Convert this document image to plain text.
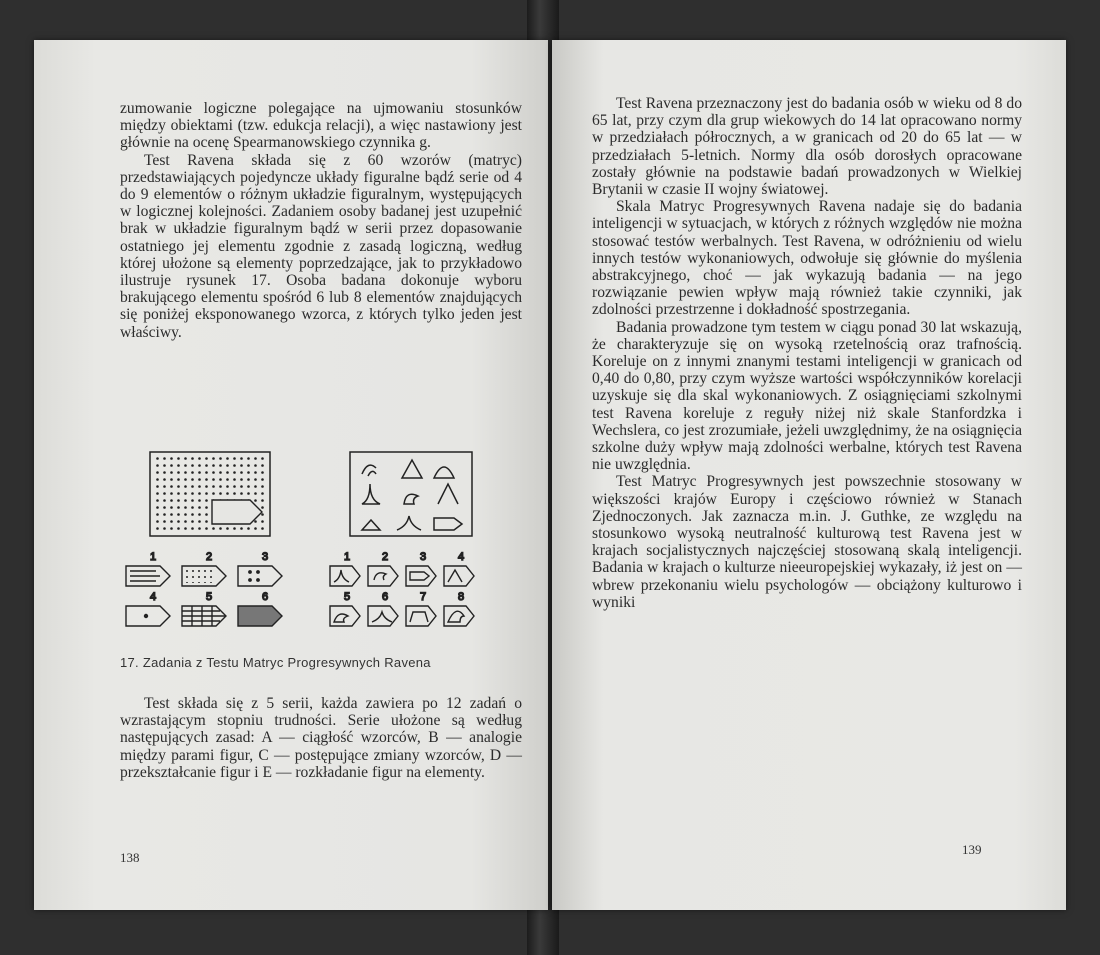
zumowanie logiczne polegające na ujmowaniu stosunków między obiektami (tzw. edukcja relacji), a więc nastawiony jest głównie na ocenę Spearmanowskiego czynnika g.

Test Ravena składa się z 60 wzorów (matryc) przedstawiających pojedyncze układy figuralne bądź serie od 4 do 9 elementów o różnym układzie figuralnym, występujących w logicznej kolejności. Zadaniem osoby badanej jest uzupełnić brak w układzie figuralnym bądź w serii przez dopasowanie ostatniego jej elementu zgodnie z zasadą logiczną, według której ułożone są elementy poprzedzające, jak to przykładowo ilustruje rysunek 17. Osoba badana dokonuje wyboru brakującego elementu spośród 6 lub 8 elementów znajdujących się poniżej eksponowanego wzorca, z których tylko jeden jest właściwy.

1	2	3
4	5	6
1	2	3	4
5	6	7	8
17. Zadania z Testu Matryc Progresywnych Ravena

Test składa się z 5 serii, każda zawiera po 12 zadań o wzrastającym stopniu trudności. Serie ułożone są według następujących zasad: A — ciągłość wzorców, B — analogie między parami figur, C — postępujące zmiany wzorców, D — przekształcanie figur i E — rozkładanie figur na elementy.

138

Test Ravena przeznaczony jest do badania osób w wieku od 8 do 65 lat, przy czym dla grup wiekowych do 14 lat opracowano normy w przedziałach półrocznych, a w granicach od 20 do 65 lat — w przedziałach 5-letnich. Normy dla osób dorosłych opracowane zostały głównie na podstawie badań prowadzonych w Wielkiej Brytanii w czasie II wojny światowej.

Skala Matryc Progresywnych Ravena nadaje się do badania inteligencji w sytuacjach, w których z różnych względów nie można stosować testów werbalnych. Test Ravena, w odróżnieniu od wielu innych testów wykonaniowych, odwołuje się głównie do myślenia abstrakcyjnego, choć — jak wykazują badania — na jego rozwiązanie pewien wpływ mają również takie czynniki, jak zdolności przestrzenne i dokładność spostrzegania.

Badania prowadzone tym testem w ciągu ponad 30 lat wskazują, że charakteryzuje się on wysoką rzetelnością oraz trafnością. Koreluje on z innymi znanymi testami inteligencji w granicach od 0,40 do 0,80, przy czym wyższe wartości współczynników korelacji uzyskuje się dla skal wykonaniowych. Z osiągnięciami szkolnymi test Ravena koreluje z reguły niżej niż skale Stanfordzka i Wechslera, co jest zrozumiałe, jeżeli uwzględnimy, że na osiągnięcia szkolne duży wpływ mają zdolności werbalne, których test Ravena nie uwzględnia.

Test Matryc Progresywnych jest powszechnie stosowany w większości krajów Europy i częściowo również w Stanach Zjednoczonych. Jak zaznacza m.in. J. Guthke, ze względu na stosunkowo wysoką neutralność kulturową test Ravena jest w krajach socjalistycznych najczęściej stosowaną skalą inteligencji. Badania w krajach o kulturze nieeuropejskiej wykazały, iż jest on — wbrew przekonaniu wielu psychologów — obciążony kulturowo i wyniki

139
